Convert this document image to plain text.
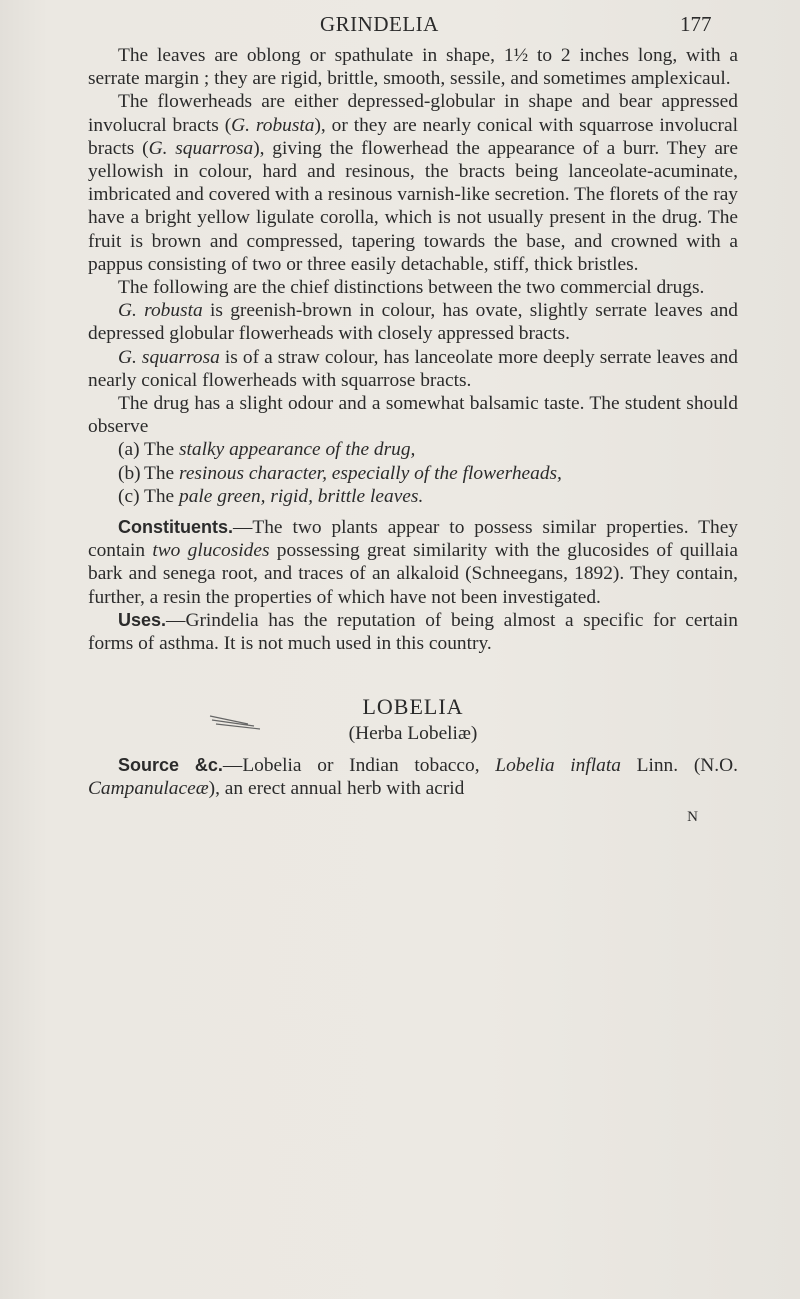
GRINDELIA	177

The leaves are oblong or spathulate in shape, 1½ to 2 inches long, with a serrate margin ; they are rigid, brittle, smooth, sessile, and sometimes amplexicaul.

The flowerheads are either depressed-globular in shape and bear appressed involucral bracts (G. robusta), or they are nearly conical with squarrose involucral bracts (G. squarrosa), giving the flowerhead the appearance of a burr. They are yellowish in colour, hard and resinous, the bracts being lanceolate-acuminate, imbricated and covered with a resinous varnish-like secretion. The florets of the ray have a bright yellow ligulate corolla, which is not usually present in the drug. The fruit is brown and compressed, tapering towards the base, and crowned with a pappus consisting of two or three easily detachable, stiff, thick bristles.

The following are the chief distinctions between the two commercial drugs.

G. robusta is greenish-brown in colour, has ovate, slightly serrate leaves and depressed globular flowerheads with closely appressed bracts.

G. squarrosa is of a straw colour, has lanceolate more deeply serrate leaves and nearly conical flowerheads with squarrose bracts.

The drug has a slight odour and a somewhat balsamic taste. The student should observe

(a) The stalky appearance of the drug,

(b) The resinous character, especially of the flowerheads,

(c) The pale green, rigid, brittle leaves.

Constituents.—The two plants appear to possess similar properties. They contain two glucosides possessing great similarity with the glucosides of quillaia bark and senega root, and traces of an alkaloid (Schneegans, 1892). They contain, further, a resin the properties of which have not been investigated.

Uses.—Grindelia has the reputation of being almost a specific for certain forms of asthma. It is not much used in this country.

LOBELIA
(Herba Lobeliæ)

Source &c.—Lobelia or Indian tobacco, Lobelia inflata Linn. (N.O. Campanulaceæ), an erect annual herb with acrid

N
